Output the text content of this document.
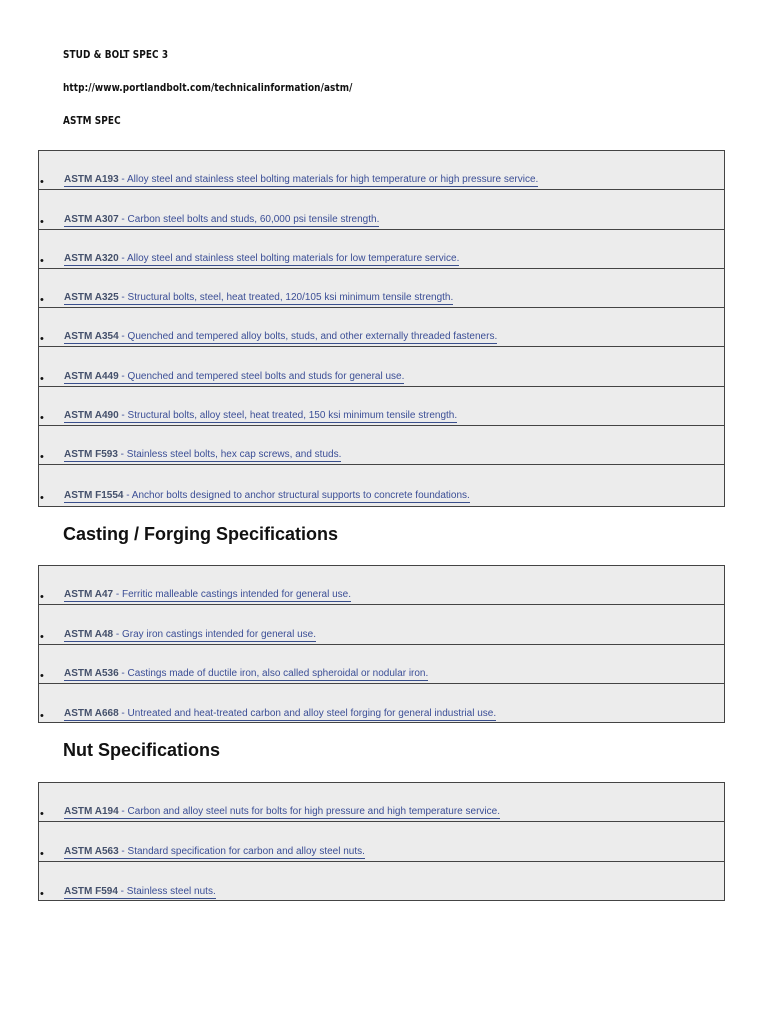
STUD & BOLT SPEC 3
http://www.portlandbolt.com/technicalinformation/astm/
ASTM SPEC
• ASTM A193 - Alloy steel and stainless steel bolting materials for high temperature or high pressure service.
• ASTM A307 - Carbon steel bolts and studs, 60,000 psi tensile strength.
• ASTM A320 - Alloy steel and stainless steel bolting materials for low temperature service.
• ASTM A325 - Structural bolts, steel, heat treated, 120/105 ksi minimum tensile strength.
• ASTM A354 - Quenched and tempered alloy bolts, studs, and other externally threaded fasteners.
• ASTM A449 - Quenched and tempered steel bolts and studs for general use.
• ASTM A490 - Structural bolts, alloy steel, heat treated, 150 ksi minimum tensile strength.
• ASTM F593 - Stainless steel bolts, hex cap screws, and studs.
• ASTM F1554 - Anchor bolts designed to anchor structural supports to concrete foundations.
Casting / Forging Specifications
• ASTM A47 - Ferritic malleable castings intended for general use.
• ASTM A48 - Gray iron castings intended for general use.
• ASTM A536 - Castings made of ductile iron, also called spheroidal or nodular iron.
• ASTM A668 - Untreated and heat-treated carbon and alloy steel forging for general industrial use.
Nut Specifications
• ASTM A194 - Carbon and alloy steel nuts for bolts for high pressure and high temperature service.
• ASTM A563 - Standard specification for carbon and alloy steel nuts.
• ASTM F594 - Stainless steel nuts.
